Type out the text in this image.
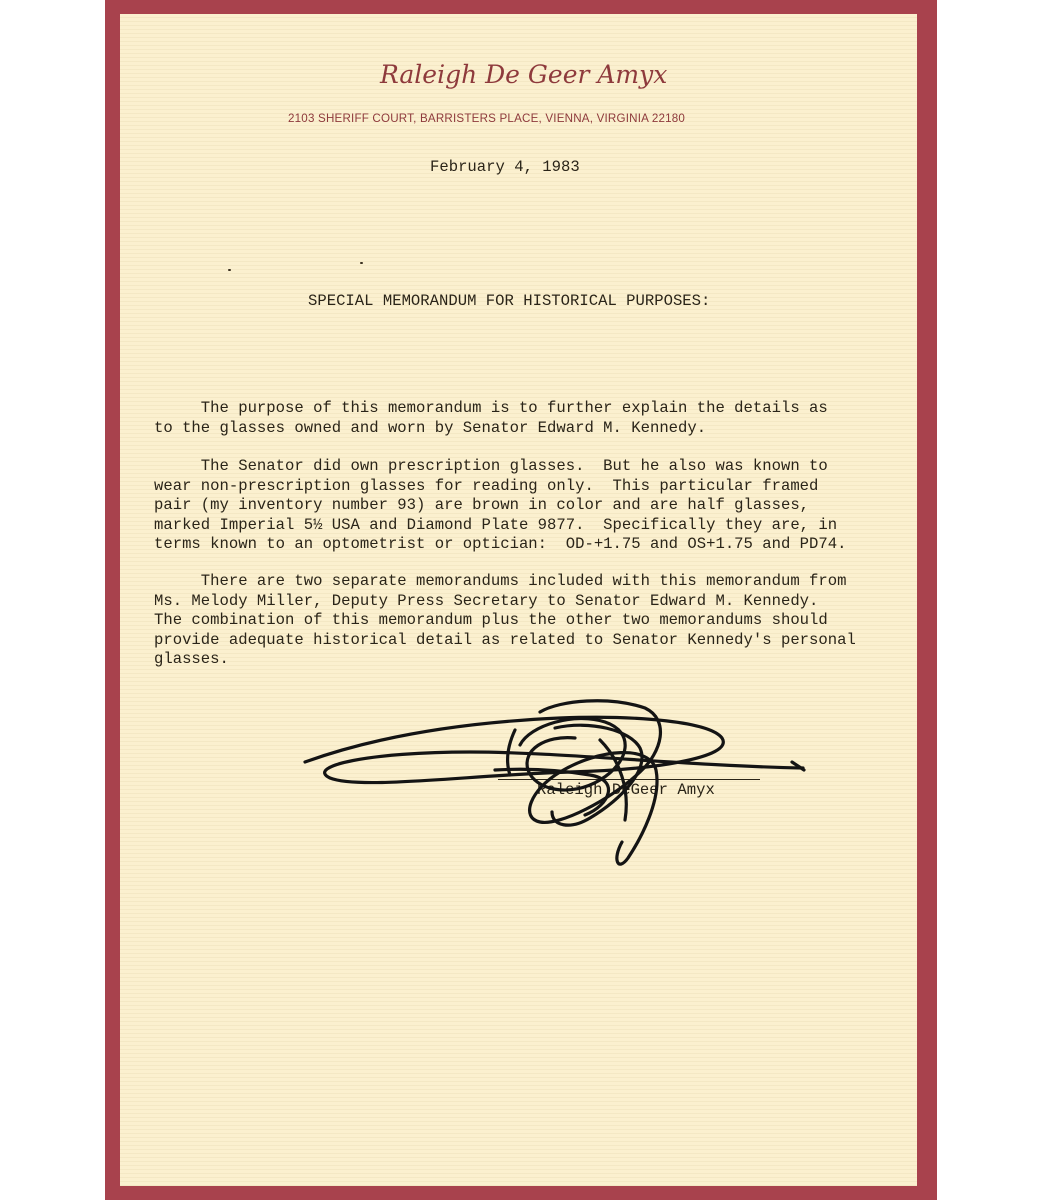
Raleigh De Geer Amyx
2103 SHERIFF COURT, BARRISTERS PLACE, VIENNA, VIRGINIA 22180
February 4, 1983
SPECIAL MEMORANDUM FOR HISTORICAL PURPOSES:
The purpose of this memorandum is to further explain the details as
to the glasses owned and worn by Senator Edward M. Kennedy.
The Senator did own prescription glasses.  But he also was known to
wear non-prescription glasses for reading only.  This particular framed
pair (my inventory number 93) are brown in color and are half glasses,
marked Imperial 5½ USA and Diamond Plate 9877.  Specifically they are, in
terms known to an optometrist or optician:  OD-+1.75 and OS+1.75 and PD74.
There are two separate memorandums included with this memorandum from
Ms. Melody Miller, Deputy Press Secretary to Senator Edward M. Kennedy.
The combination of this memorandum plus the other two memorandums should
provide adequate historical detail as related to Senator Kennedy's personal
glasses.
Raleigh DeGeer Amyx
